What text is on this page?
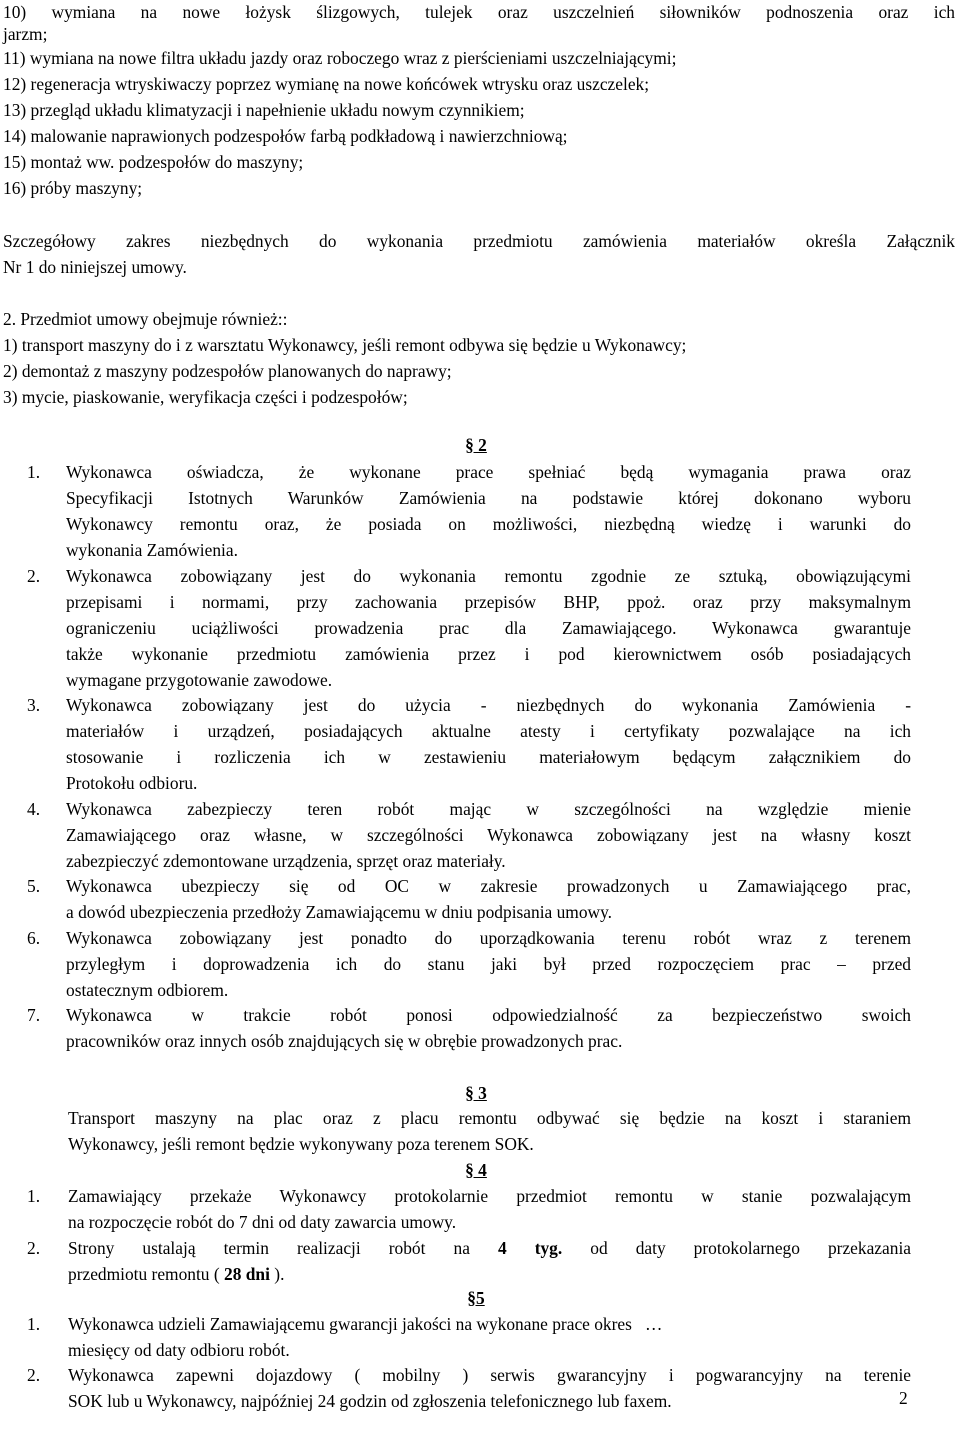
10) wymiana na nowe łożysk ślizgowych, tulejek oraz uszczelnień siłowników podnoszenia oraz ich
jarzm;
11) wymiana na nowe filtra układu jazdy oraz roboczego wraz z pierścieniami uszczelniającymi;
12) regeneracja wtryskiwaczy poprzez wymianę na nowe końcówek wtrysku oraz uszczelek;
13) przegląd układu klimatyzacji i napełnienie układu nowym czynnikiem;
14) malowanie naprawionych podzespołów farbą podkładową i nawierzchniową;
15) montaż ww. podzespołów do maszyny;
16) próby maszyny;
Szczegółowy zakres niezbędnych do wykonania przedmiotu zamówienia materiałów określa Załącznik
Nr 1 do niniejszej umowy.
2. Przedmiot umowy obejmuje również::
1) transport maszyny do i z warsztatu Wykonawcy, jeśli remont odbywa się będzie u Wykonawcy;
2) demontaż z maszyny podzespołów planowanych do naprawy;
3) mycie, piaskowanie, weryfikacja części i podzespołów;
§ 2
1. Wykonawca oświadcza, że wykonane prace spełniać będą wymagania prawa oraz
Specyfikacji Istotnych Warunków Zamówienia na podstawie której dokonano wyboru
Wykonawcy remontu oraz, że posiada on możliwości, niezbędną wiedzę i warunki do
wykonania Zamówienia.
2. Wykonawca zobowiązany jest do wykonania remontu zgodnie ze sztuką, obowiązującymi
przepisami i normami, przy zachowania przepisów BHP, ppoż. oraz przy maksymalnym
ograniczeniu uciążliwości prowadzenia prac dla Zamawiającego. Wykonawca gwarantuje
także wykonanie przedmiotu zamówienia przez i pod kierownictwem osób posiadających
wymagane przygotowanie zawodowe.
3. Wykonawca zobowiązany jest do użycia - niezbędnych do wykonania Zamówienia -
materiałów i urządzeń, posiadających aktualne atesty i certyfikaty pozwalające na ich
stosowanie i rozliczenia ich w zestawieniu materiałowym będącym załącznikiem do
Protokołu odbioru.
4. Wykonawca zabezpieczy teren robót mając w szczególności na względzie mienie
Zamawiającego oraz własne, w szczególności Wykonawca zobowiązany jest na własny koszt
zabezpieczyć zdemontowane urządzenia, sprzęt oraz materiały.
5. Wykonawca ubezpieczy się od OC w zakresie prowadzonych u Zamawiającego prac,
a dowód ubezpieczenia przedłoży Zamawiającemu w dniu podpisania umowy.
6. Wykonawca zobowiązany jest ponadto do uporządkowania terenu robót wraz z terenem
przyległym i doprowadzenia ich do stanu jaki był przed rozpoczęciem prac – przed
ostatecznym odbiorem.
7. Wykonawca w trakcie robót ponosi odpowiedzialność za bezpieczeństwo swoich
pracowników oraz innych osób znajdujących się w obrębie prowadzonych prac.
§ 3
Transport maszyny na plac oraz z placu remontu odbywać się będzie na koszt i staraniem
Wykonawcy, jeśli remont będzie wykonywany poza terenem SOK.
§ 4
1. Zamawiający przekaże Wykonawcy protokolarnie przedmiot remontu w stanie pozwalającym
na rozpoczęcie robót do 7 dni od daty zawarcia umowy.
2. Strony ustalają termin realizacji robót na 4 tyg. od daty protokolarnego przekazania
przedmiotu remontu ( 28 dni ).
§5
1. Wykonawca udzieli Zamawiającemu gwarancji jakości na wykonane prace okres   …
miesięcy od daty odbioru robót.
2. Wykonawca zapewni dojazdowy ( mobilny ) serwis gwarancyjny i pogwarancyjny na terenie
SOK lub u Wykonawcy, najpóźniej 24 godzin od zgłoszenia telefonicznego lub faxem.	2
